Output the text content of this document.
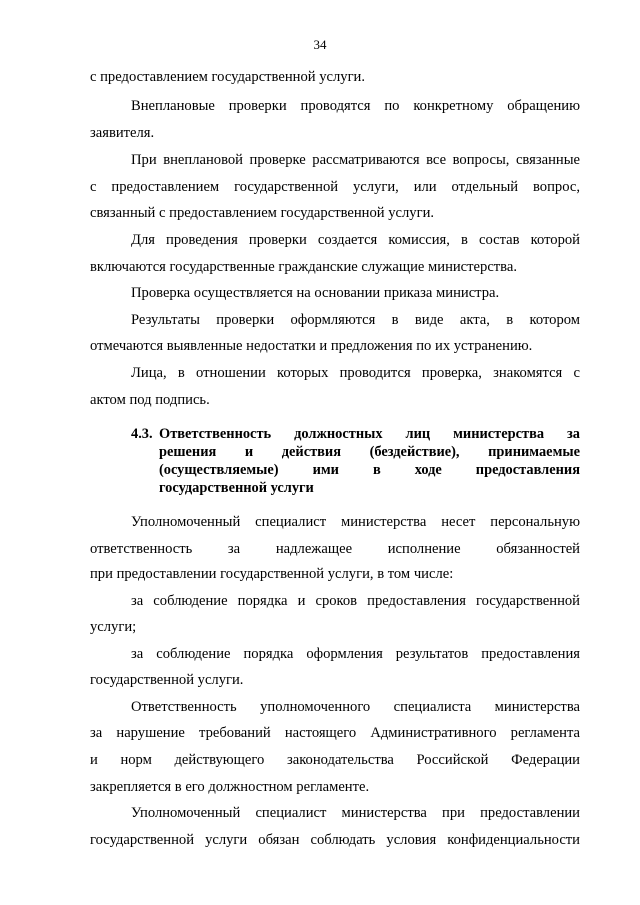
34
с предоставлением государственной услуги.
Внеплановые проверки проводятся по конкретному обращению
заявителя.
При внеплановой проверке рассматриваются все вопросы, связанные
с предоставлением государственной услуги, или отдельный вопрос,
связанный с предоставлением государственной услуги.
Для проведения проверки создается комиссия, в состав которой
включаются государственные гражданские служащие министерства.
Проверка осуществляется на основании приказа министра.
Результаты проверки оформляются в виде акта, в котором
отмечаются выявленные недостатки и предложения по их устранению.
Лица, в отношении которых проводится проверка, знакомятся с
актом под подпись.
4.3. Ответственность должностных лиц министерства за
решения и действия (бездействие), принимаемые
(осуществляемые) ими в ходе предоставления
государственной услуги
Уполномоченный специалист министерства несет персональную
ответственность за надлежащее исполнение обязанностей
при предоставлении государственной услуги, в том числе:
за соблюдение порядка и сроков предоставления государственной
услуги;
за соблюдение порядка оформления результатов предоставления
государственной услуги.
Ответственность уполномоченного специалиста министерства
за нарушение требований настоящего Административного регламента
и норм действующего законодательства Российской Федерации
закрепляется в его должностном регламенте.
Уполномоченный специалист министерства при предоставлении
государственной услуги обязан соблюдать условия конфиденциальности
